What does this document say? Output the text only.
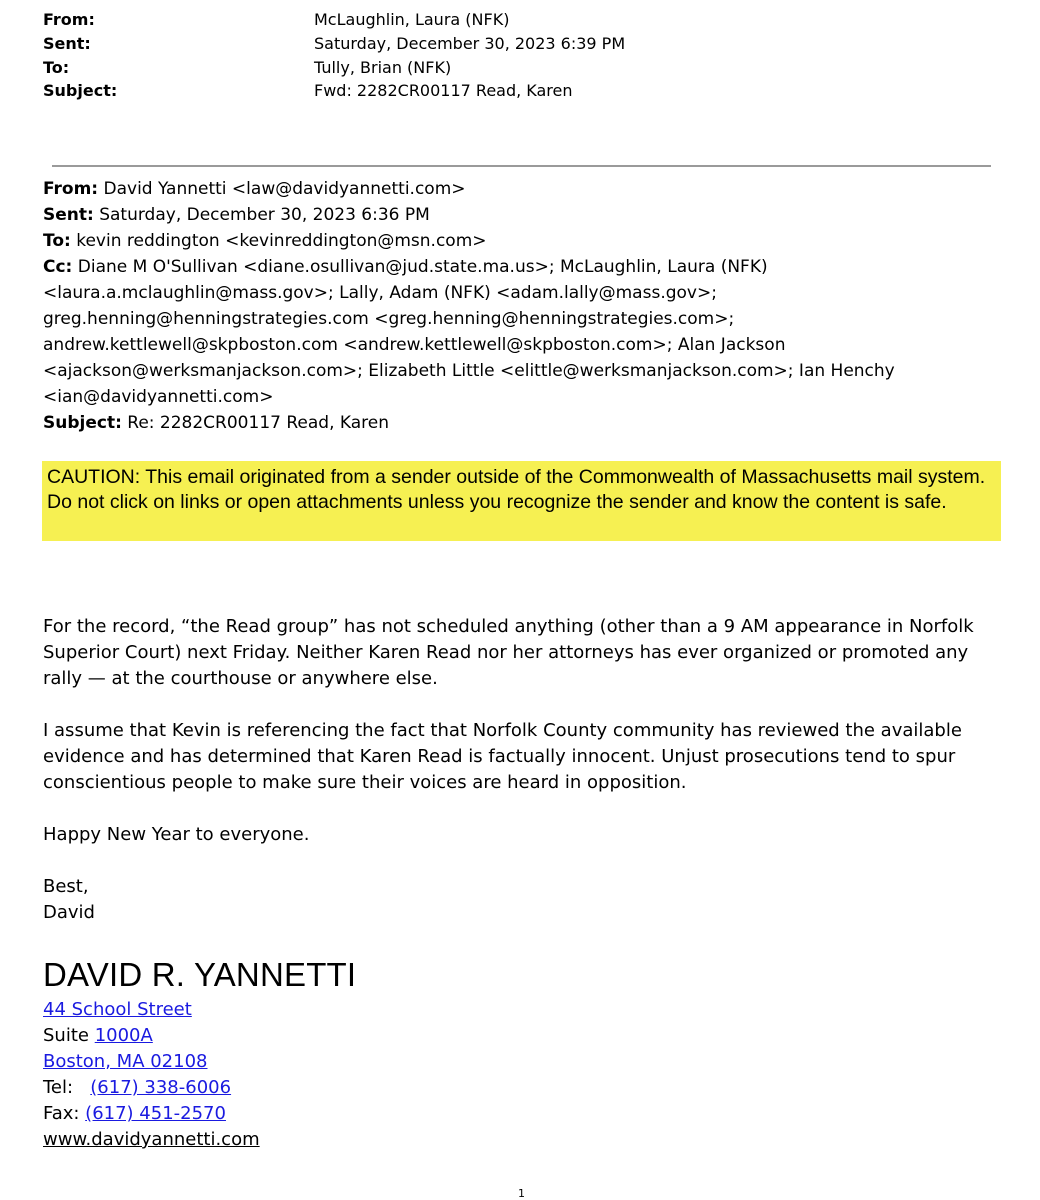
From:	McLaughlin, Laura (NFK)
Sent:	Saturday, December 30, 2023 6:39 PM
To:	Tully, Brian (NFK)
Subject:	Fwd: 2282CR00117 Read, Karen

From: David Yannetti <law@davidyannetti.com>

Sent: Saturday, December 30, 2023 6:36 PM

To: kevin reddington <kevinreddington@msn.com>

Cc: Diane M O'Sullivan <diane.osullivan@jud.state.ma.us>; McLaughlin, Laura (NFK)

<laura.a.mclaughlin@mass.gov>; Lally, Adam (NFK) <adam.lally@mass.gov>;

greg.henning@henningstrategies.com <greg.henning@henningstrategies.com>;

andrew.kettlewell@skpboston.com <andrew.kettlewell@skpboston.com>; Alan Jackson

<ajackson@werksmanjackson.com>; Elizabeth Little <elittle@werksmanjackson.com>; Ian Henchy

<ian@davidyannetti.com>

Subject: Re: 2282CR00117 Read, Karen

CAUTION: This email originated from a sender outside of the Commonwealth of Massachusetts mail system. Do not click on links or open attachments unless you recognize the sender and know the content is safe.

For the record, “the Read group” has not scheduled anything (other than a 9 AM appearance in Norfolk Superior Court) next Friday. Neither Karen Read nor her attorneys has ever organized or promoted any rally — at the courthouse or anywhere else.

I assume that Kevin is referencing the fact that Norfolk County community has reviewed the available evidence and has determined that Karen Read is factually innocent. Unjust prosecutions tend to spur conscientious people to make sure their voices are heard in opposition.

Happy New Year to everyone.

Best,

David

DAVID R. YANNETTI
44 School Street
Suite 1000A
Boston, MA 02108
Tel:   (617) 338-6006
Fax: (617) 451-2570
www.davidyannetti.com
1
